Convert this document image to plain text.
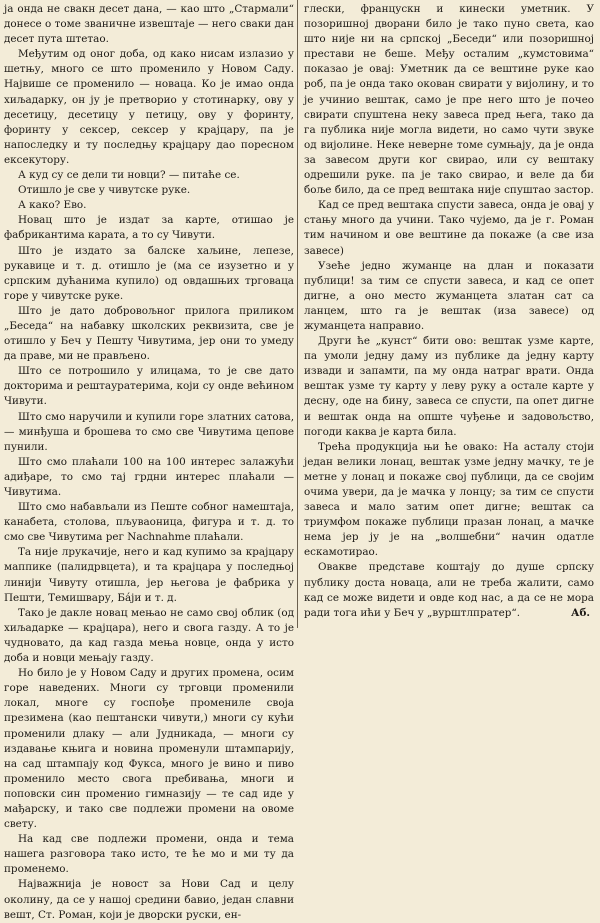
ја онда не свакн десет дана, — као што „Стармали“ донесе о томе званичне извештаје — него сваки дан десет пута штетао.

Међутим од оног доба, од како нисам излазио у шетњу, много се што променило у Новом Саду. Највише се променило — новаца. Ко је имао онда хиљадарку, он ју је претворио у стотинарку, ову у десетицу, десетицу у петицу, ову у форинту, форинту у сексер, сексер у крајцару, па је напоследку и ту последњу крајцару дао поресном ексекутору.

А куд су се дели ти новци? — питаће се.

Отишло је све у чивутске руке.

А како? Ево.

Новац што је издат за карте, отишао је фабрикантима карата, а то су Чивути.

Што је издато за балске хаљине, лепезе, рукавице и т. д. отишло је (ма се изузетно и у српским дућанима купило) од овдашњих трговаца горе у чивутске руке.

Што је дато добровољног прилога приликом „Беседа“ на набавку школских реквизита, све је отишло у Беч у Пешту Чивутима, јер они то умеду да праве, ми не прављено.

Што се потрошило у илицама, то је све дато докторима и рештауратерима, који су онде већином Чивути.

Што смо наручили и купили горе златних сатова, — минђуша и брошева то смо све Чивутима цепове пунили.

Што смо плаћали 100 на 100 интерес залажући адиђаре, то смо тај грдни интерес плаћали — Чивутима.

Што смо набављали из Пеште собног намештаја, канабета, столова, пљуваоница, фигура и т. д. то смо све Чивутима рег Nachnahme плаћали.

Та није лрукачије, него и кад купимо за крајцару маппике (палидрвцета), и та крајцара у последњој линији Чивуту отишла, јер његова је фабрика у Пешти, Темишвару, Бáји и т. д.

Тако је дакле новац мењао не само свој облик (од хиљадарке — крајцара), него и свога газду. А то је чудновато, да кад газда мења новце, онда у исто доба и новци мењају газду.

Но било је у Новом Саду и других промена, осим горе наведених. Многи су трговци променили локал, многе су госпође промениле своја презимена (као пештански чивути,) многи су кући променили длаку — али Јудникада, — многи су издавање књига и новина променули штампарију, на сад штампају код Фукса, много је вино и пиво променило место свога пребивања, многи и поповски син променио гимназију — те сад иде у мађарску, и тако све подлежи промени на овоме свету.

На кад све подлежи промени, онда и тема нашега разговора тако исто, те ће мо и ми ту да променемо.

Најважнија је новост за Нови Сад и целу околину, да се у нашој средини бавио, један славни вешт, Ст. Роман, који је дворски руски, ен-

глески, францускн и кинески уметник. У позоришној дворани било је тако пуно света, као што није ни на српској „Беседи“ или позоришној престави не беше. Међу осталим „кумстовима“ показао је овај: Уметник да се вештине руке као роб, па је онда тако окован свирати у вијолину, и то је учинио вештак, само је пре него што је почео свирати спуштена неку завеса пред њега, тако да га публика није могла видети, но само чути звуке од вијолине. Неке неверне томе сумњају, да је онда за завесом други ког свирао, или су вештаку одрешили руке. па је тако свирао, и веле да би боље било, да се пред вештака није спуштао застор.

Кад се пред вештака спусти завеса, онда је овај у стању много да учини. Тако чујемо, да је г. Роман тим начином и ове вештине да покаже (а све иза завесе)

Узеће једно жуманце на длан и показати публици! за тим се спусти завеса, и кад се опет дигне, а оно место жуманцета златан сат са ланцем, што га је вештак (иза завесе) од жуманцета направио.

Други ће „кунст“ бити ово: вештак узме карте, па умоли једну даму из публике да једну карту извади и запамти, па му онда натраг врати. Онда вештак узме ту карту у леву руку а остале карте у десну, оде на бину, завеса се спусти, па опет дигне и вештак онда на опште чуђење и задовољство, погоди каква је карта била.

Трећа продукција њи ће овако: На асталу стоји један велики лонац, вештак узме једну мачку, те је метне у лонац и покаже свој публици, да се својим очима увери, да је мачка у лонцу; за тим се спусти завеса и мало затим опет дигне; вештак са триумфом покаже публици празан лонац, а мачке нема јер ју је на „волшебни“ начин одатле ескамотирао.

Овакве представе коштају до душе српску публику доста новаца, али не треба жалити, само кад се може видети и овде код нас, а да се не мора ради тога ићи у Беч у „вурштлпратер“.	Аб.
